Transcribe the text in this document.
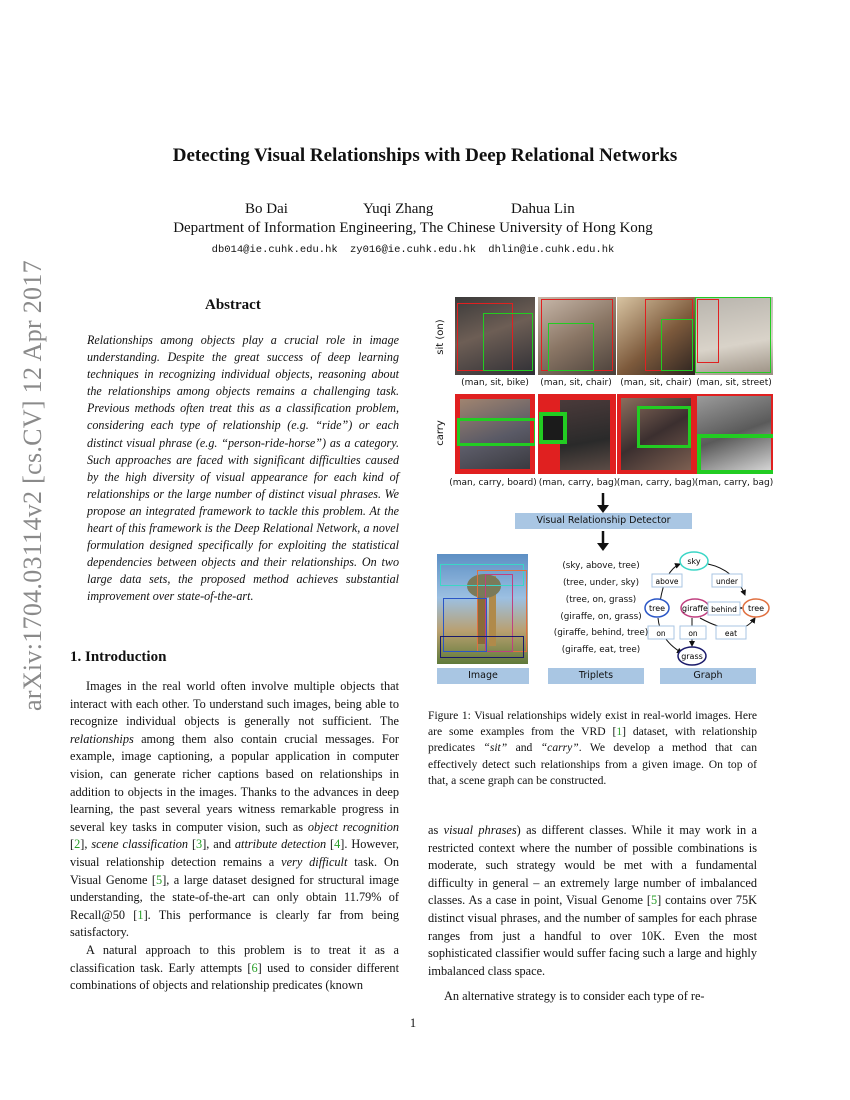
arXiv:1704.03114v2 [cs.CV] 12 Apr 2017
Detecting Visual Relationships with Deep Relational Networks
Bo Dai	Yuqi Zhang	Dahua Lin
Department of Information Engineering, The Chinese University of Hong Kong
db014@ie.cuhk.edu.hk zy016@ie.cuhk.edu.hk dhlin@ie.cuhk.edu.hk
Abstract
Relationships among objects play a crucial role in image understanding. Despite the great success of deep learning techniques in recognizing individual objects, reasoning about the relationships among objects remains a challenging task. Previous methods often treat this as a classification problem, considering each type of relationship (e.g. “ride”) or each distinct visual phrase (e.g. “person-ride-horse”) as a category. Such approaches are faced with significant difficulties caused by the high diversity of visual appearance for each kind of relationships or the large number of distinct visual phrases. We propose an integrated framework to tackle this problem. At the heart of this framework is the Deep Relational Network, a novel formulation designed specifically for exploiting the statistical dependencies between objects and their relationships. On two large data sets, the proposed method achieves substantial improvement over state-of-the-art.
1. Introduction

Images in the real world often involve multiple objects that interact with each other. To understand such images, being able to recognize individual objects is generally not sufficient. The relationships among them also contain crucial messages. For example, image captioning, a popular application in computer vision, can generate richer captions based on relationships in addition to objects in the images. Thanks to the advances in deep learning, the past several years witness remarkable progress in several key tasks in computer vision, such as object recognition [2], scene classification [3], and attribute detection [4]. However, visual relationship detection remains a very difficult task. On Visual Genome [5], a large dataset designed for structural image understanding, the state-of-the-art can only obtain 11.79% of Recall@50 [1]. This performance is clearly far from being satisfactory.

A natural approach to this problem is to treat it as a classification task. Early attempts [6] used to consider different combinations of objects and relationship predicates (known

as visual phrases) as different classes. While it may work in a restricted context where the number of possible combinations is moderate, such strategy would be met with a fundamental difficulty in general – an extremely large number of imbalanced classes. As a case in point, Visual Genome [5] contains over 75K distinct visual phrases, and the number of samples for each phrase ranges from just a handful to over 10K. Even the most sophisticated classifier would suffer facing such a large and highly imbalanced class space.

An alternative strategy is to consider each type of re-

sit (on)
carry
(man, sit, bike)	(man, sit, chair) (man, sit, chair) (man, sit, street)
(man, carry, board) (man, carry, bag) (man, carry, bag) (man, carry, bag)
Visual Relationship Detector
(sky, above, tree)
(tree, under, sky)
(tree, on, grass)
(giraffe, on, grass)
(giraffe, behind, tree)
(giraffe, eat, tree)
sky
tree giraffe	tree
grass
above	under
behind
on	on	eat
Image	Triplets	Graph
Figure 1: Visual relationships widely exist in real-world images. Here are some examples from the VRD [1] dataset, with relationship predicates “sit” and “carry”. We develop a method that can effectively detect such relationships from a given image. On top of that, a scene graph can be constructed.
1
